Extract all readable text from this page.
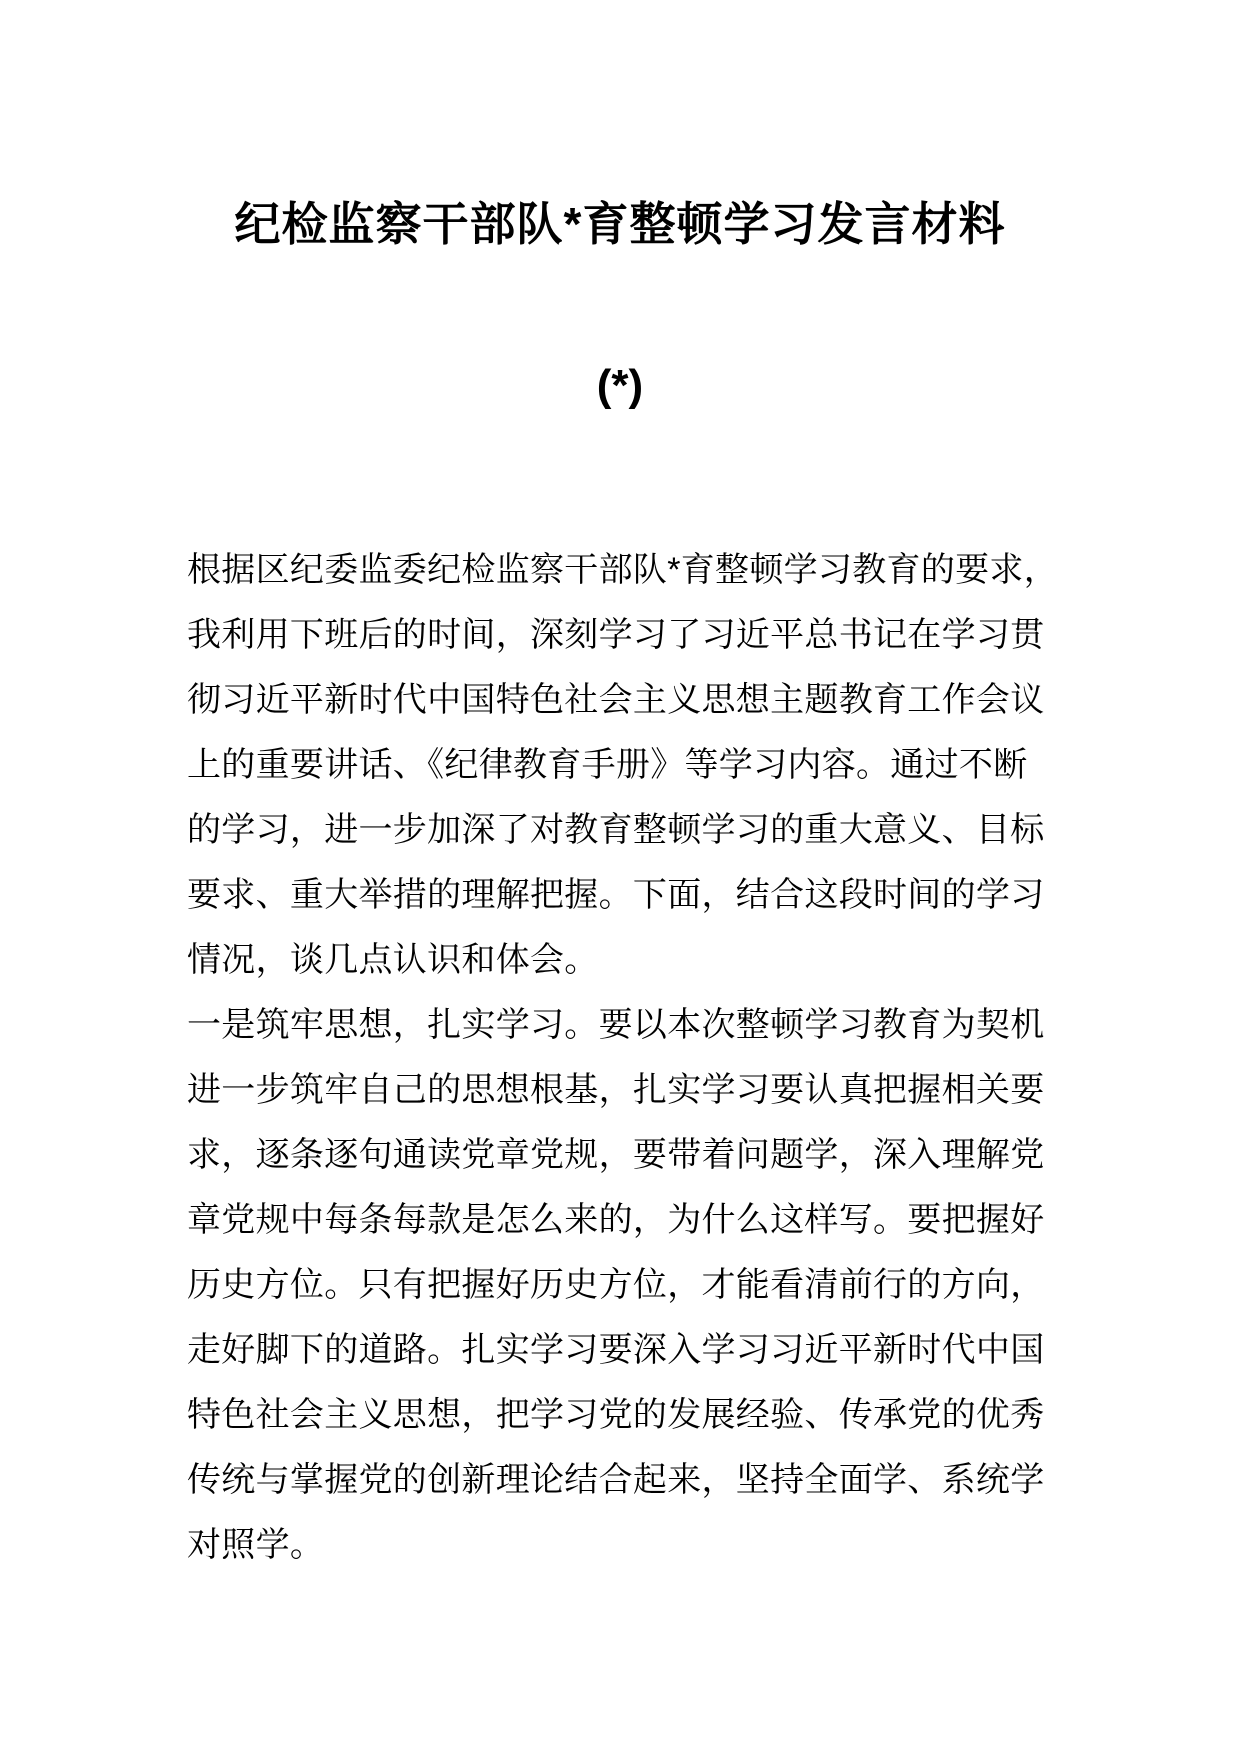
纪检监察干部队*育整顿学习发言材料
(*)
根据区纪委监委纪检监察干部队*育整顿学习教育的要求，
我利用下班后的时间，深刻学习了习近平总书记在学习贯
彻习近平新时代中国特色社会主义思想主题教育工作会议
上的重要讲话、《纪律教育手册》等学习内容。通过不断
的学习，进一步加深了对教育整顿学习的重大意义、目标
要求、重大举措的理解把握。下面，结合这段时间的学习
情况，谈几点认识和体会。
一是筑牢思想，扎实学习。要以本次整顿学习教育为契机
进一步筑牢自己的思想根基，扎实学习要认真把握相关要
求，逐条逐句通读党章党规，要带着问题学，深入理解党
章党规中每条每款是怎么来的，为什么这样写。要把握好
历史方位。只有把握好历史方位，才能看清前行的方向，
走好脚下的道路。扎实学习要深入学习习近平新时代中国
特色社会主义思想，把学习党的发展经验、传承党的优秀
传统与掌握党的创新理论结合起来，坚持全面学、系统学
对照学。
